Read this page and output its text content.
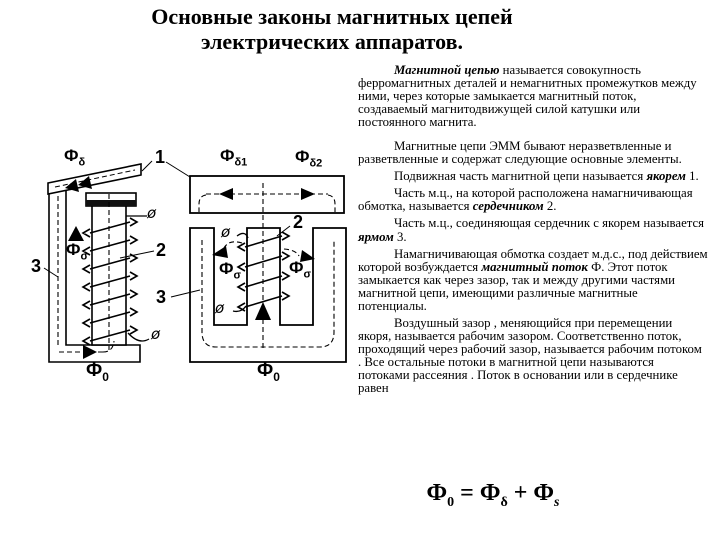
Основные законы магнитных цепей
электрических аппаратов.
$Ф_\delta$	1	$Ф_{\delta 1}$	$Ф_{\delta 2}$
ø
$Ф_\sigma$	2
3
ø
$Ф_0$
2
ø
$Ф_\sigma$	$Ф_\sigma$
ø
3
$Ф_0$

Магнитной цепью называется совокупность ферромагнитных деталей и немагнитных промежутков между ними, через которые замыкается магнитный поток, создаваемый магнитодвижущей силой катушки или постоянного магнита.

Магнитные цепи ЭММ бывают неразветвленные и разветвленные и содержат следующие основные элементы.

Подвижная часть магнитной цепи называется якорем 1.

Часть м.ц., на которой расположена намагничивающая обмотка, называется сердечником 2.

Часть м.ц., соединяющая сердечник с якорем называется ярмом 3.

Намагничивающая обмотка создает м.д.с., под действием которой возбуждается магнитный поток Ф. Этот поток замыкается как через зазор, так и между другими частями магнитной цепи, имеющими различные магнитные потенциалы.

Воздушный зазор , меняющийся при перемещении якоря, называется рабочим зазором. Соответственно поток, проходящий через рабочий зазор, называется рабочим потоком . Все остальные потоки в магнитной цепи называются потоками рассеяния . Поток в основании или в сердечнике равен

$Ф_0 = Ф_\delta + Ф_s$
